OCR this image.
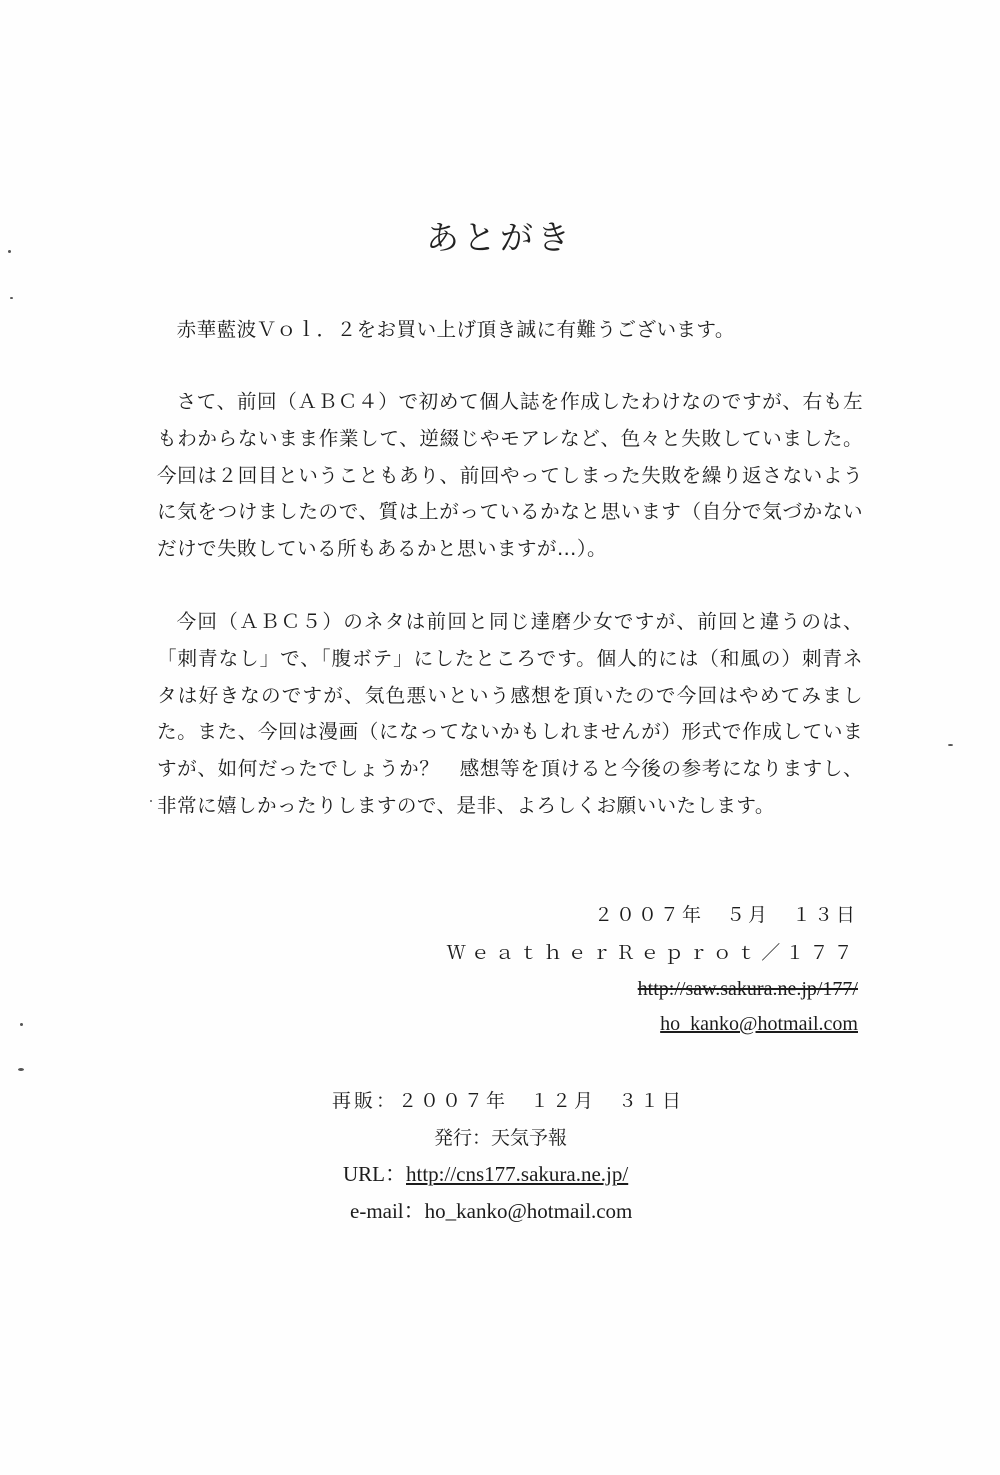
あとがき

赤華藍波Ｖｏｌ．２をお買い上げ頂き誠に有難うございます。

さて、前回（ＡＢＣ４）で初めて個人誌を作成したわけなのですが、右も左もわからないまま作業して、逆綴じやモアレなど、色々と失敗していました。今回は２回目ということもあり、前回やってしまった失敗を繰り返さないように気をつけましたので、質は上がっているかなと思います（自分で気づかないだけで失敗している所もあるかと思いますが…）。

今回（ＡＢＣ５）のネタは前回と同じ達磨少女ですが、前回と違うのは、「刺青なし」で、「腹ボテ」にしたところです。個人的には（和風の）刺青ネタは好きなのですが、気色悪いという感想を頂いたので今回はやめてみました。また、今回は漫画（になってないかもしれませんが）形式で作成していますが、如何だったでしょうか？　感想等を頂けると今後の参考になりますし、非常に嬉しかったりしますので、是非、よろしくお願いいたします。

２００７年　５月　１３日
ＷｅａｔｈｅｒＲｅｐｒｏｔ／１７７
http://saw.sakura.ne.jp/177/
ho_kanko@hotmail.com
再販：２００７年　１２月　３１日
発行：天気予報
URL：http://cns177.sakura.ne.jp/
e-mail：ho_kanko@hotmail.com
